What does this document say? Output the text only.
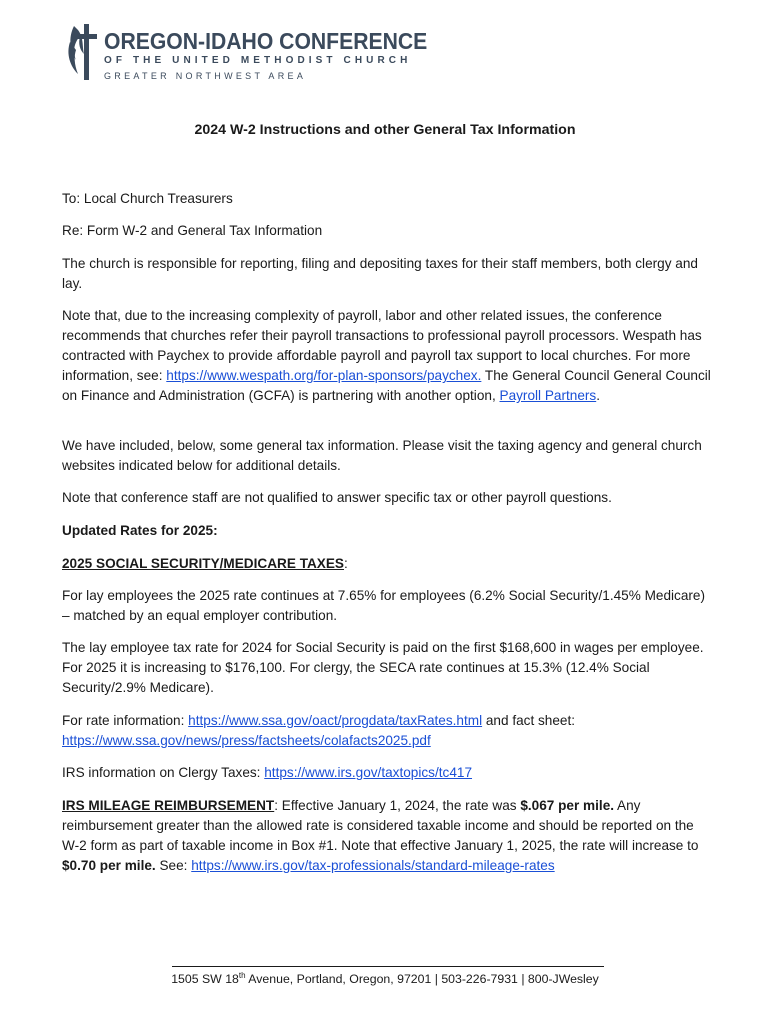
OREGON-IDAHO CONFERENCE
OF THE UNITED METHODIST CHURCH
GREATER NORTHWEST AREA
2024 W-2 Instructions and other General Tax Information
To: Local Church Treasurers
Re: Form W-2 and General Tax Information
The church is responsible for reporting, filing and depositing taxes for their staff members, both clergy and lay.
Note that, due to the increasing complexity of payroll, labor and other related issues, the conference recommends that churches refer their payroll transactions to professional payroll processors. Wespath has contracted with Paychex to provide affordable payroll and payroll tax support to local churches. For more information, see: https://www.wespath.org/for-plan-sponsors/paychex. The General Council General Council on Finance and Administration (GCFA) is partnering with another option, Payroll Partners.
We have included, below, some general tax information. Please visit the taxing agency and general church websites indicated below for additional details.
Note that conference staff are not qualified to answer specific tax or other payroll questions.
Updated Rates for 2025:
2025 SOCIAL SECURITY/MEDICARE TAXES:
For lay employees the 2025 rate continues at 7.65% for employees (6.2% Social Security/1.45% Medicare) – matched by an equal employer contribution.
The lay employee tax rate for 2024 for Social Security is paid on the first $168,600 in wages per employee. For 2025 it is increasing to $176,100. For clergy, the SECA rate continues at 15.3% (12.4% Social Security/2.9% Medicare).
For rate information: https://www.ssa.gov/oact/progdata/taxRates.html and fact sheet: https://www.ssa.gov/news/press/factsheets/colafacts2025.pdf
IRS information on Clergy Taxes: https://www.irs.gov/taxtopics/tc417
IRS MILEAGE REIMBURSEMENT: Effective January 1, 2024, the rate was $.067 per mile. Any reimbursement greater than the allowed rate is considered taxable income and should be reported on the W-2 form as part of taxable income in Box #1. Note that effective January 1, 2025, the rate will increase to $0.70 per mile. See: https://www.irs.gov/tax-professionals/standard-mileage-rates
1505 SW 18th Avenue, Portland, Oregon, 97201 | 503-226-7931 | 800-JWesley
